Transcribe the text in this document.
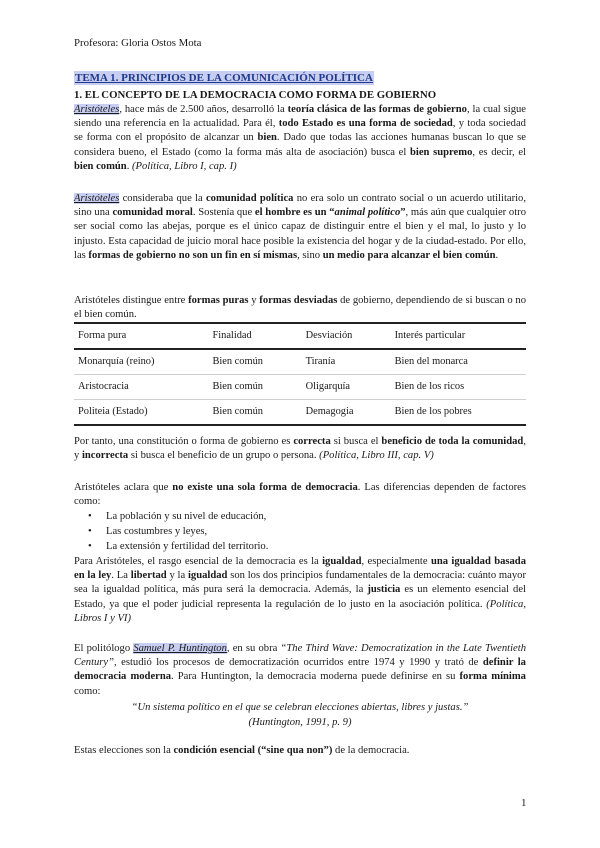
Profesora: Gloria Ostos Mota
TEMA 1. PRINCIPIOS DE LA COMUNICACIÓN POLÍTICA
1. EL CONCEPTO DE LA DEMOCRACIA COMO FORMA DE GOBIERNO
Aristóteles, hace más de 2.500 años, desarrolló la teoría clásica de las formas de gobierno, la cual sigue siendo una referencia en la actualidad. Para él, todo Estado es una forma de sociedad, y toda sociedad se forma con el propósito de alcanzar un bien. Dado que todas las acciones humanas buscan lo que se considera bueno, el Estado (como la forma más alta de asociación) busca el bien supremo, es decir, el bien común. (Política, Libro I, cap. I)
Aristóteles consideraba que la comunidad política no era solo un contrato social o un acuerdo utilitario, sino una comunidad moral. Sostenía que el hombre es un “animal político”, más aún que cualquier otro ser social como las abejas, porque es el único capaz de distinguir entre el bien y el mal, lo justo y lo injusto. Esta capacidad de juicio moral hace posible la existencia del hogar y de la ciudad-estado. Por ello, las formas de gobierno no son un fin en sí mismas, sino un medio para alcanzar el bien común.
Aristóteles distingue entre formas puras y formas desviadas de gobierno, dependiendo de si buscan o no el bien común.
Forma pura	Finalidad	Desviación	Interés particular
Monarquía (reino)	Bien común	Tiranía	Bien del monarca
Aristocracia	Bien común	Oligarquía	Bien de los ricos
Politeia (Estado)	Bien común	Demagogia	Bien de los pobres
Por tanto, una constitución o forma de gobierno es correcta si busca el beneficio de toda la comunidad, y incorrecta si busca el beneficio de un grupo o persona. (Política, Libro III, cap. V)
Aristóteles aclara que no existe una sola forma de democracia. Las diferencias dependen de factores como:
• La población y su nivel de educación,
• Las costumbres y leyes,
• La extensión y fertilidad del territorio.
Para Aristóteles, el rasgo esencial de la democracia es la igualdad, especialmente una igualdad basada en la ley. La libertad y la igualdad son los dos principios fundamentales de la democracia: cuánto mayor sea la igualdad política, más pura será la democracia. Además, la justicia es un elemento esencial del Estado, ya que el poder judicial representa la regulación de lo justo en la asociación política. (Política, Libros I y VI)
El politólogo Samuel P. Huntington, en su obra “The Third Wave: Democratization in the Late Twentieth Century”, estudió los procesos de democratización ocurridos entre 1974 y 1990 y trató de definir la democracia moderna. Para Huntington, la democracia moderna puede definirse en su forma mínima como:
“Un sistema político en el que se celebran elecciones abiertas, libres y justas.”
(Huntington, 1991, p. 9)
Estas elecciones son la condición esencial (“sine qua non”) de la democracia.
1
